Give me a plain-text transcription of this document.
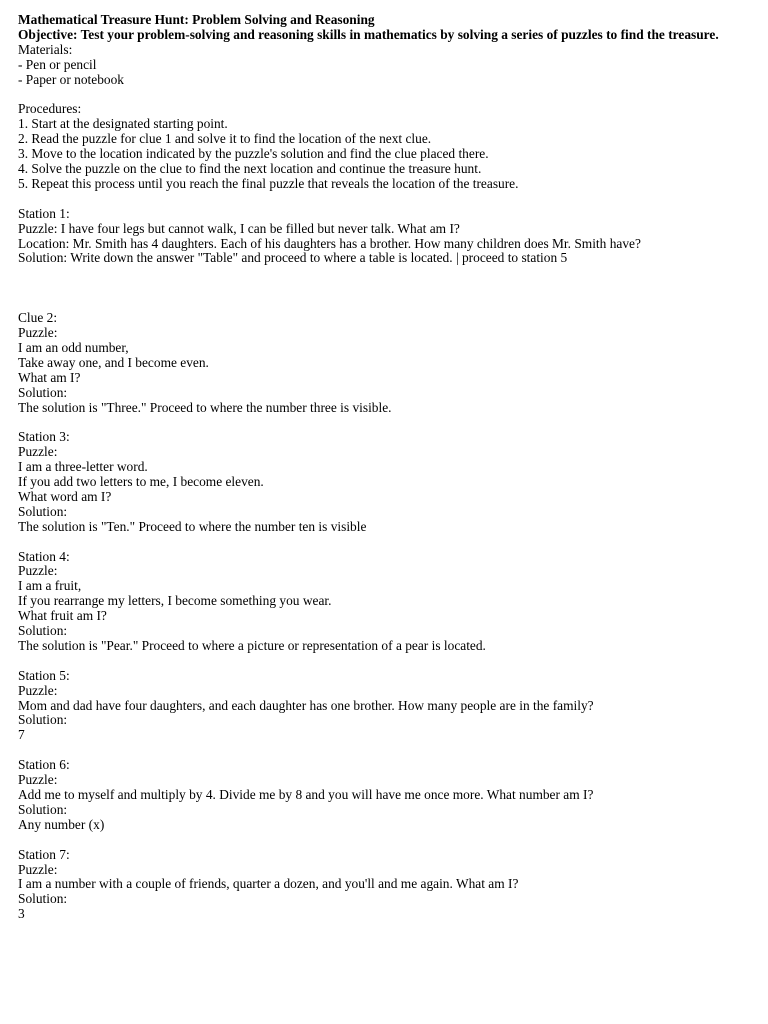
Mathematical Treasure Hunt: Problem Solving and Reasoning
Objective: Test your problem-solving and reasoning skills in mathematics by solving a series of puzzles to find the treasure.
Materials:
- Pen or pencil
- Paper or notebook
Procedures:
1. Start at the designated starting point.
2. Read the puzzle for clue 1 and solve it to find the location of the next clue.
3. Move to the location indicated by the puzzle's solution and find the clue placed there.
4. Solve the puzzle on the clue to find the next location and continue the treasure hunt.
5. Repeat this process until you reach the final puzzle that reveals the location of the treasure.
Station 1:
Puzzle: I have four legs but cannot walk, I can be filled but never talk. What am I?
Location: Mr. Smith has 4 daughters. Each of his daughters has a brother. How many children does Mr. Smith have?
Solution: Write down the answer "Table" and proceed to where a table is located. | proceed to station 5
Clue 2:
Puzzle:
I am an odd number,
Take away one, and I become even.
What am I?
Solution:
The solution is "Three." Proceed to where the number three is visible.
Station 3:
Puzzle:
I am a three-letter word.
If you add two letters to me, I become eleven.
What word am I?
Solution:
The solution is "Ten." Proceed to where the number ten is visible
Station 4:
Puzzle:
I am a fruit,
If you rearrange my letters, I become something you wear.
What fruit am I?
Solution:
The solution is "Pear." Proceed to where a picture or representation of a pear is located.
Station 5:
Puzzle:
Mom and dad have four daughters, and each daughter has one brother. How many people are in the family?
Solution:
7
Station 6:
Puzzle:
Add me to myself and multiply by 4. Divide me by 8 and you will have me once more. What number am I?
Solution:
Any number (x)
Station 7:
Puzzle:
I am a number with a couple of friends, quarter a dozen, and you'll and me again. What am I?
Solution:
3
